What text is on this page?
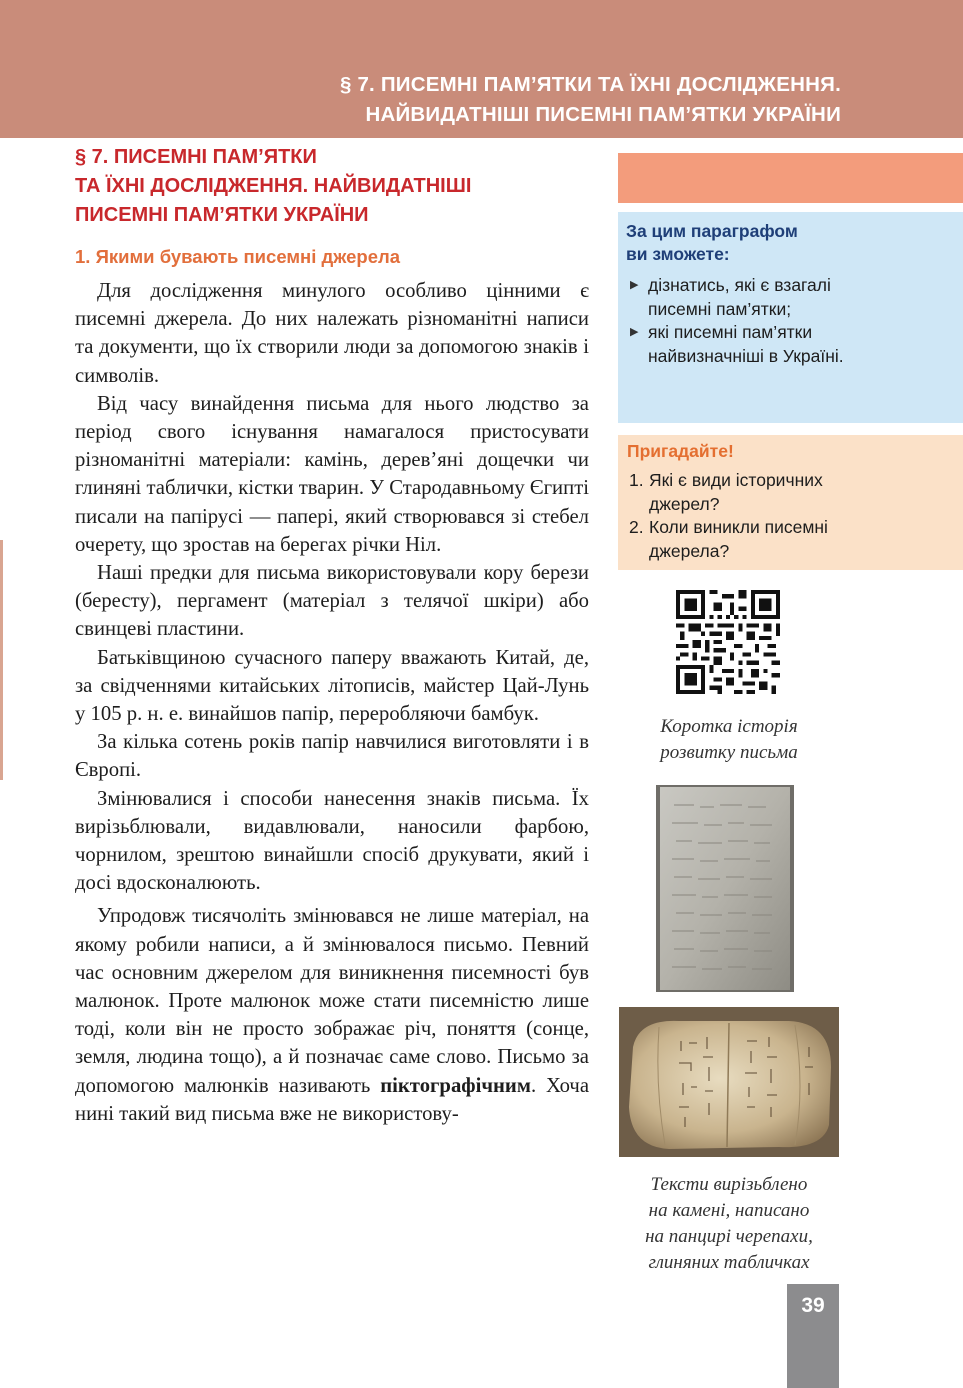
§ 7. ПИСЕМНІ ПАМ’ЯТКИ ТА ЇХНІ ДОСЛІДЖЕННЯ.
НАЙВИДАТНІШІ ПИСЕМНІ ПАМ’ЯТКИ УКРАЇНИ
§ 7. ПИСЕМНІ ПАМ’ЯТКИ
ТА ЇХНІ ДОСЛІДЖЕННЯ. НАЙВИДАТНІШІ
ПИСЕМНІ ПАМ’ЯТКИ УКРАЇНИ
1. Якими бувають писемні джерела

Для дослідження минулого особливо цінними є писемні джерела. До них належать різноманітні написи та документи, що їх створили люди за допомогою знаків і символів.

Від часу винайдення письма для нього людство за період свого існування намагалося пристосувати різноманітні матеріали: камінь, дерев’яні дощечки чи глиняні таблички, кістки тварин. У Стародавньому Єгипті писали на папірусі — папері, який створювався зі стебел очерету, що зростав на берегах річки Ніл.

Наші предки для письма використовували кору берези (бересту), пергамент (матеріал з телячої шкіри) або свинцеві пластини.

Батьківщиною сучасного паперу вважають Китай, де, за свідченнями китайських літописів, майстер Цай-Лунь у 105 р. н. е. винайшов папір, переробляючи бамбук.

За кілька сотень років папір навчилися виготовляти і в Європі.

Змінювалися і способи нанесення знаків письма. Їх вирізьблювали, видавлювали, наносили фарбою, чорнилом, зрештою винайшли спосіб друкувати, який і досі вдосконалюють.

Упродовж тисячоліть змінювався не лише матеріал, на якому робили написи, а й змінювалося письмо. Певний час основним джерелом для виникнення писемності був малюнок. Проте малюнок може стати писемністю лише тоді, коли він не просто зображає річ, поняття (сонце, земля, людина тощо), а й позначає саме слово. Письмо за допомогою малюнків називають піктографічним. Хоча нині такий вид письма вже не використову-

За цим параграфом
ви зможете:
▶ дізнатись, які є взагалі писемні пам’ятки;
▶ які писемні пам’ятки найвизначніші в Україні.
Пригадайте!
1. Які є види історичних джерел?
2. Коли виникли писемні джерела?
Коротка історія
розвитку письма
Тексти вирізьблено
на камені, написано
на панцирі черепахи,
глиняних табличках
39
